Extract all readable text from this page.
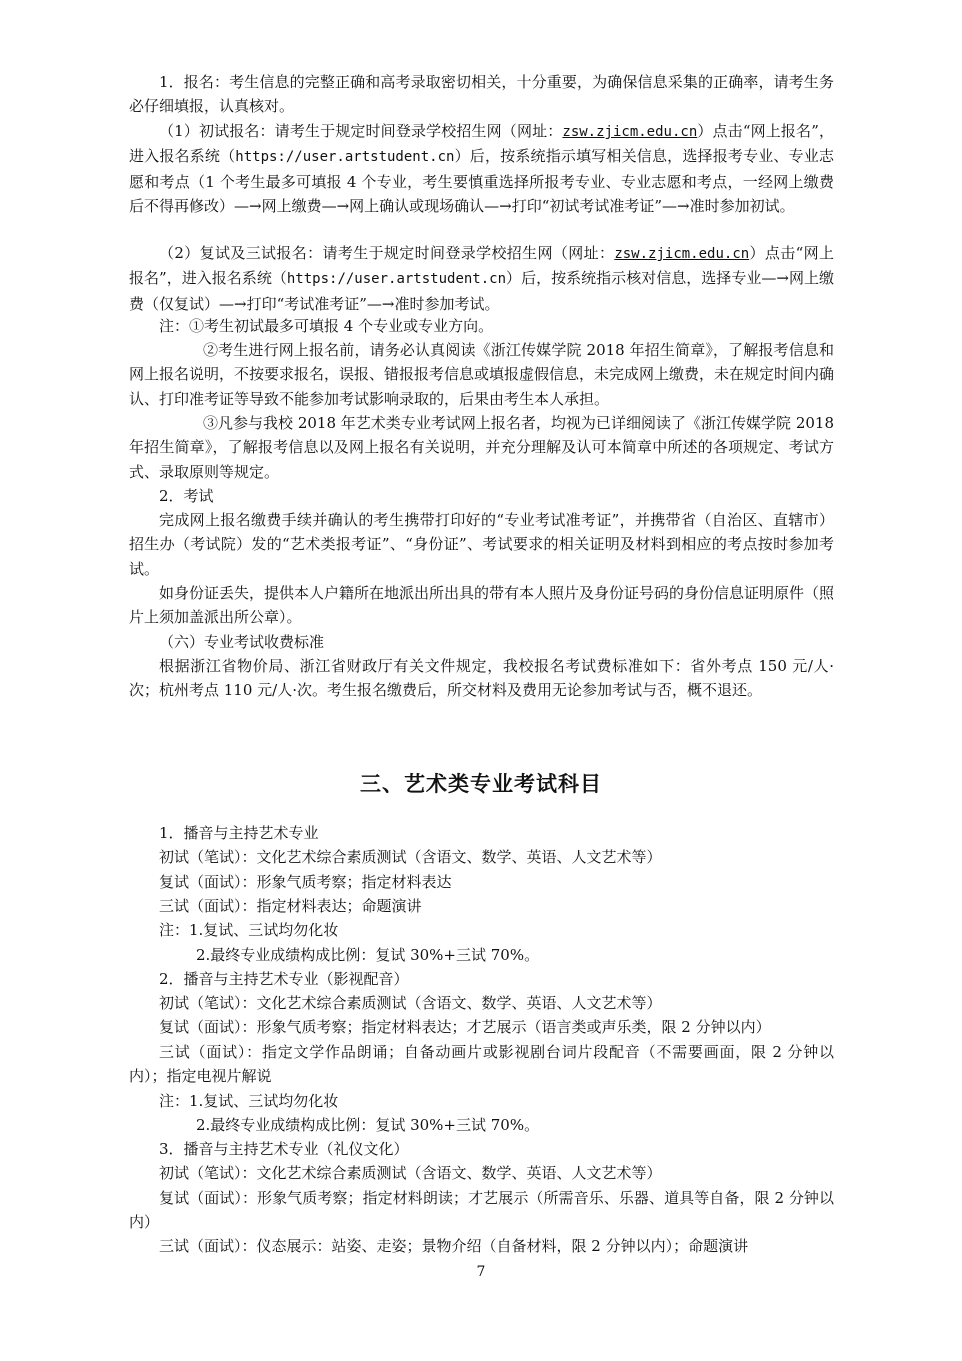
1．报名：考生信息的完整正确和高考录取密切相关，十分重要，为确保信息采集的正确率，请考生务必仔细填报，认真核对。

（1）初试报名：请考生于规定时间登录学校招生网（网址：zsw.zjicm.edu.cn）点击“网上报名”，进入报名系统（https://user.artstudent.cn）后，按系统指示填写相关信息，选择报考专业、专业志愿和考点（1 个考生最多可填报 4 个专业，考生要慎重选择所报考专业、专业志愿和考点，一经网上缴费后不得再修改）—→网上缴费—→网上确认或现场确认—→打印“初试考试准考证”—→准时参加初试。

（2）复试及三试报名：请考生于规定时间登录学校招生网（网址：zsw.zjicm.edu.cn）点击“网上报名”，进入报名系统（https://user.artstudent.cn）后，按系统指示核对信息，选择专业—→网上缴费（仅复试）—→打印“考试准考证”—→准时参加考试。

注：①考生初试最多可填报 4 个专业或专业方向。

②考生进行网上报名前，请务必认真阅读《浙江传媒学院 2018 年招生简章》，了解报考信息和网上报名说明，不按要求报名，误报、错报报考信息或填报虚假信息，未完成网上缴费，未在规定时间内确认、打印准考证等导致不能参加考试影响录取的，后果由考生本人承担。

③凡参与我校 2018 年艺术类专业考试网上报名者，均视为已详细阅读了《浙江传媒学院 2018 年招生简章》，了解报考信息以及网上报名有关说明，并充分理解及认可本简章中所述的各项规定、考试方式、录取原则等规定。

2．考试

完成网上报名缴费手续并确认的考生携带打印好的“专业考试准考证”，并携带省（自治区、直辖市）招生办（考试院）发的“艺术类报考证”、“身份证”、考试要求的相关证明及材料到相应的考点按时参加考试。

如身份证丢失，提供本人户籍所在地派出所出具的带有本人照片及身份证号码的身份信息证明原件（照片上须加盖派出所公章）。

（六）专业考试收费标准

根据浙江省物价局、浙江省财政厅有关文件规定，我校报名考试费标准如下：省外考点 150 元/人·次；杭州考点 110 元/人·次。考生报名缴费后，所交材料及费用无论参加考试与否，概不退还。

三、艺术类专业考试科目

1．播音与主持艺术专业

初试（笔试）：文化艺术综合素质测试（含语文、数学、英语、人文艺术等）

复试（面试）：形象气质考察；指定材料表达

三试（面试）：指定材料表达；命题演讲

注：1.复试、三试均勿化妆

2.最终专业成绩构成比例：复试 30%+三试 70%。

2．播音与主持艺术专业（影视配音）

初试（笔试）：文化艺术综合素质测试（含语文、数学、英语、人文艺术等）

复试（面试）：形象气质考察；指定材料表达；才艺展示（语言类或声乐类，限 2 分钟以内）

三试（面试）：指定文学作品朗诵；自备动画片或影视剧台词片段配音（不需要画面，限 2 分钟以内）；指定电视片解说

注：1.复试、三试均勿化妆

2.最终专业成绩构成比例：复试 30%+三试 70%。

3．播音与主持艺术专业（礼仪文化）

初试（笔试）：文化艺术综合素质测试（含语文、数学、英语、人文艺术等）

复试（面试）：形象气质考察；指定材料朗读；才艺展示（所需音乐、乐器、道具等自备，限 2 分钟以内）

三试（面试）：仪态展示：站姿、走姿；景物介绍（自备材料，限 2 分钟以内）；命题演讲

7
